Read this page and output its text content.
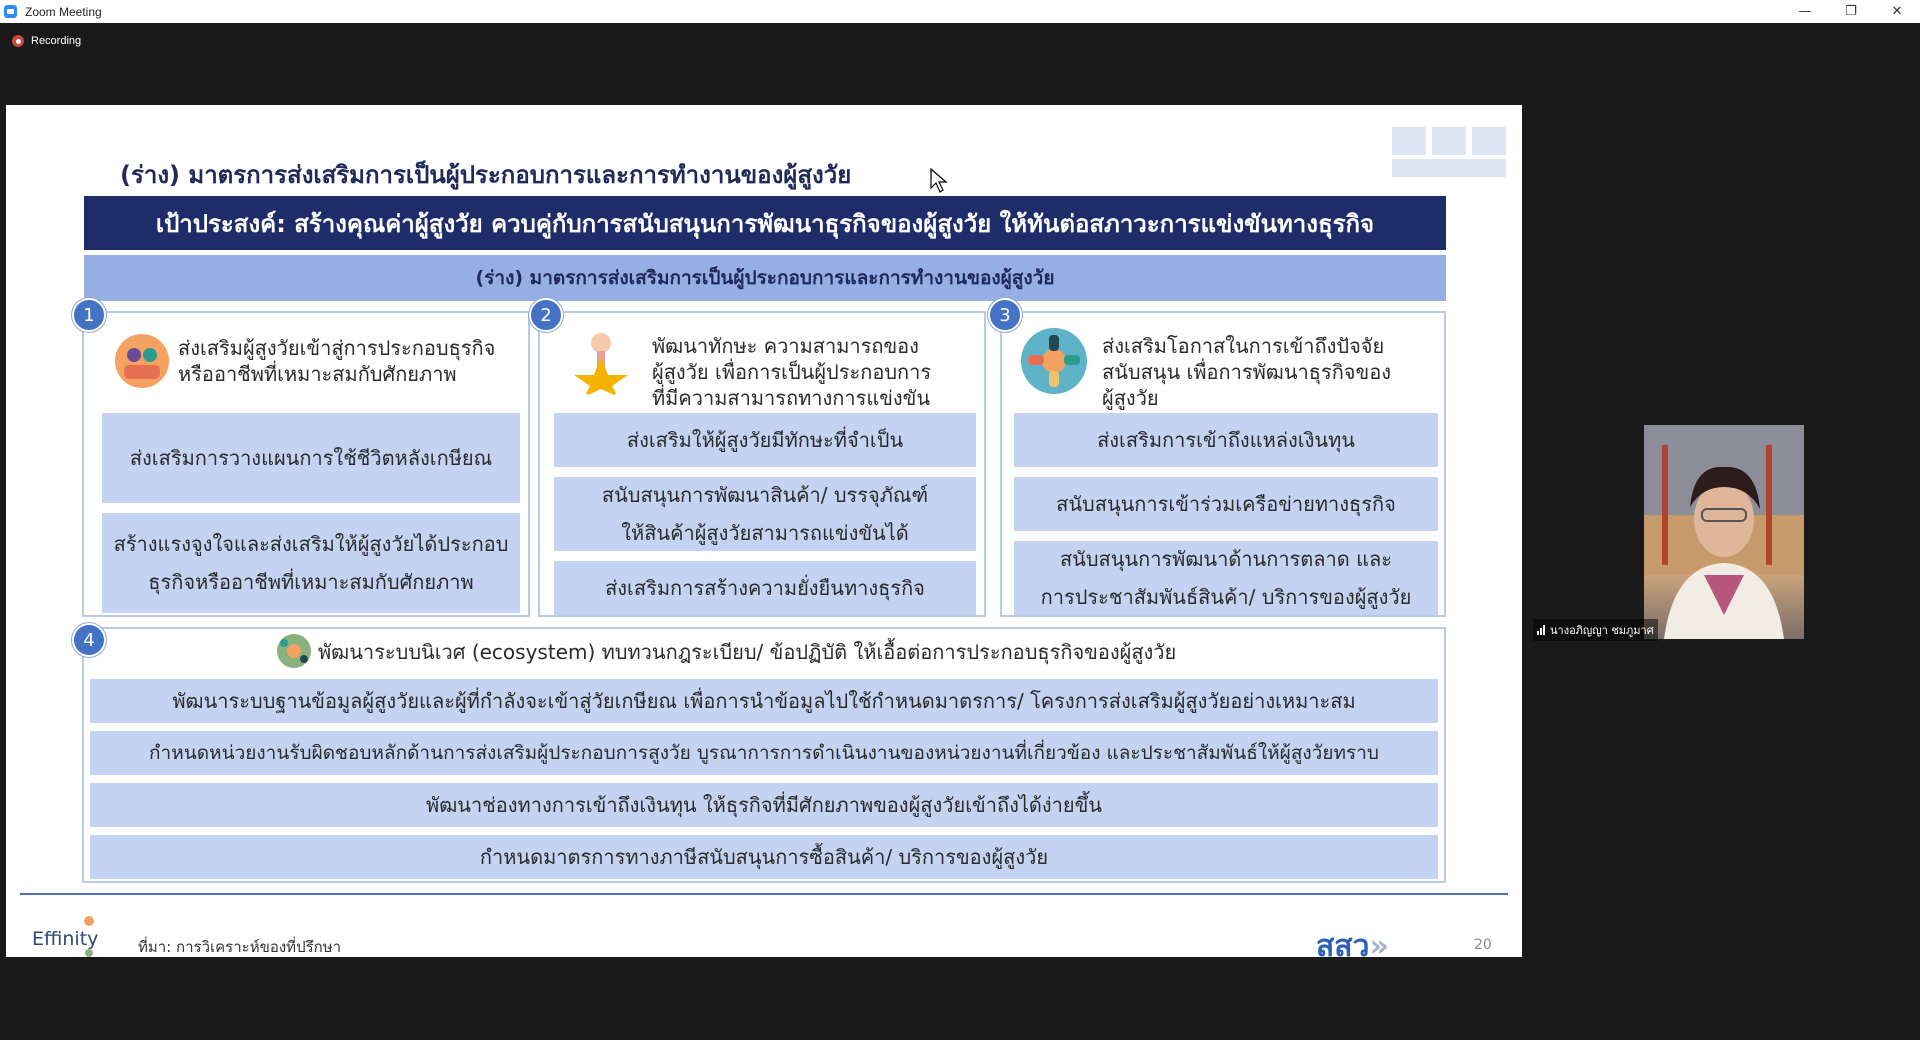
Zoom Meeting	—	❐	✕
Recording
(ร่าง) มาตรการส่งเสริมการเป็นผู้ประกอบการและการทำงานของผู้สูงวัย
เป้าประสงค์: สร้างคุณค่าผู้สูงวัย ควบคู่กับการสนับสนุนการพัฒนาธุรกิจของผู้สูงวัย ให้ทันต่อสภาวะการแข่งขันทางธุรกิจ
(ร่าง) มาตรการส่งเสริมการเป็นผู้ประกอบการและการทำงานของผู้สูงวัย
1
ส่งเสริมผู้สูงวัยเข้าสู่การประกอบธุรกิจ
หรืออาชีพที่เหมาะสมกับศักยภาพ
ส่งเสริมการวางแผนการใช้ชีวิตหลังเกษียณ
สร้างแรงจูงใจและส่งเสริมให้ผู้สูงวัยได้ประกอบ
ธุรกิจหรืออาชีพที่เหมาะสมกับศักยภาพ
2
พัฒนาทักษะ ความสามารถของ
ผู้สูงวัย เพื่อการเป็นผู้ประกอบการ
ที่มีความสามารถทางการแข่งขัน
ส่งเสริมให้ผู้สูงวัยมีทักษะที่จำเป็น
สนับสนุนการพัฒนาสินค้า/ บรรจุภัณฑ์
ให้สินค้าผู้สูงวัยสามารถแข่งขันได้
ส่งเสริมการสร้างความยั่งยืนทางธุรกิจ
3
ส่งเสริมโอกาสในการเข้าถึงปัจจัย
สนับสนุน เพื่อการพัฒนาธุรกิจของ
ผู้สูงวัย
ส่งเสริมการเข้าถึงแหล่งเงินทุน
สนับสนุนการเข้าร่วมเครือข่ายทางธุรกิจ
สนับสนุนการพัฒนาด้านการตลาด และ
การประชาสัมพันธ์สินค้า/ บริการของผู้สูงวัย
4	พัฒนาระบบนิเวศ (ecosystem) ทบทวนกฎระเบียบ/ ข้อปฏิบัติ ให้เอื้อต่อการประกอบธุรกิจของผู้สูงวัย
พัฒนาระบบฐานข้อมูลผู้สูงวัยและผู้ที่กำลังจะเข้าสู่วัยเกษียณ เพื่อการนำข้อมูลไปใช้กำหนดมาตรการ/ โครงการส่งเสริมผู้สูงวัยอย่างเหมาะสม
กำหนดหน่วยงานรับผิดชอบหลักด้านการส่งเสริมผู้ประกอบการสูงวัย บูรณาการการดำเนินงานของหน่วยงานที่เกี่ยวข้อง และประชาสัมพันธ์ให้ผู้สูงวัยทราบ
พัฒนาช่องทางการเข้าถึงเงินทุน ให้ธุรกิจที่มีศักยภาพของผู้สูงวัยเข้าถึงได้ง่ายขึ้น
กำหนดมาตรการทางภาษีสนับสนุนการซื้อสินค้า/ บริการของผู้สูงวัย
Effinity	ที่มา: การวิเคราะห์ของที่ปรึกษา	สสว»	20
นางอภิญญา ชมภูมาศ
